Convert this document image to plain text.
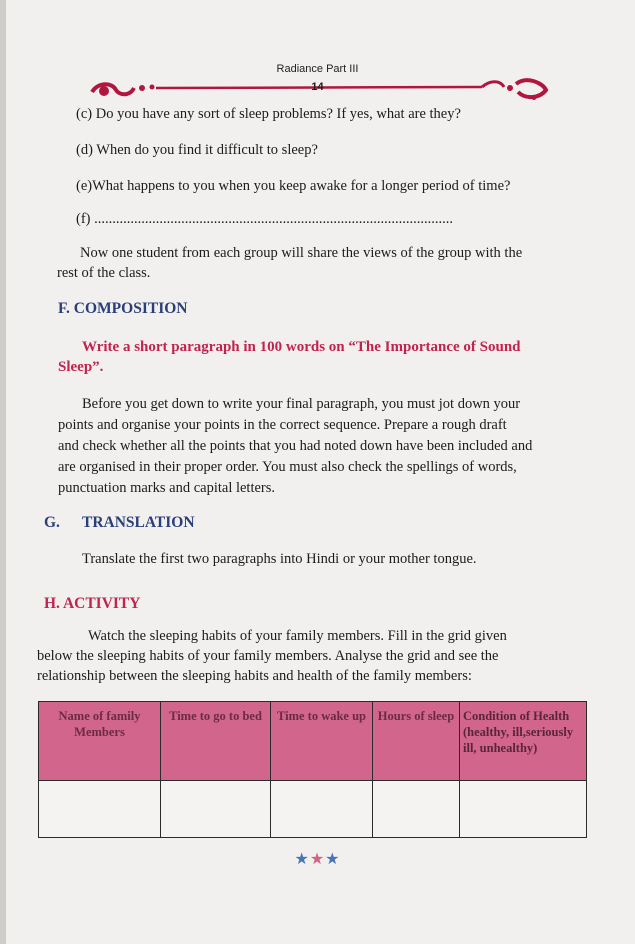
Radiance Part III
14
(c) Do you have any sort of sleep problems? If yes, what are they?
(d) When do you find it difficult to sleep?
(e)What happens to you when you keep awake for a longer period of time?
(f) ...................................................................................................
Now one student from each group will share the views of the group with the
rest of the class.
F. COMPOSITION
Write a short paragraph in 100 words on “The Importance of Sound
Sleep”.
Before you get down to write your final paragraph, you must jot down your
points and organise your points in the correct sequence. Prepare a rough draft
and check whether all the points that you had noted down have been included and
are organised in their proper order. You must also check the spellings of words,
punctuation marks and capital letters.
G. TRANSLATION
Translate the first two paragraphs into Hindi or your mother tongue.
H. ACTIVITY
Watch the sleeping habits of your family members. Fill in the grid given
below the sleeping habits of your family members. Analyse the grid and see the
relationship between the sleeping habits and health of the family members:
Name of family Members	Time to go to bed	Time to wake up	Hours of sleep	Condition of Health (healthy, ill,seriously ill, unhealthy)

★★★
